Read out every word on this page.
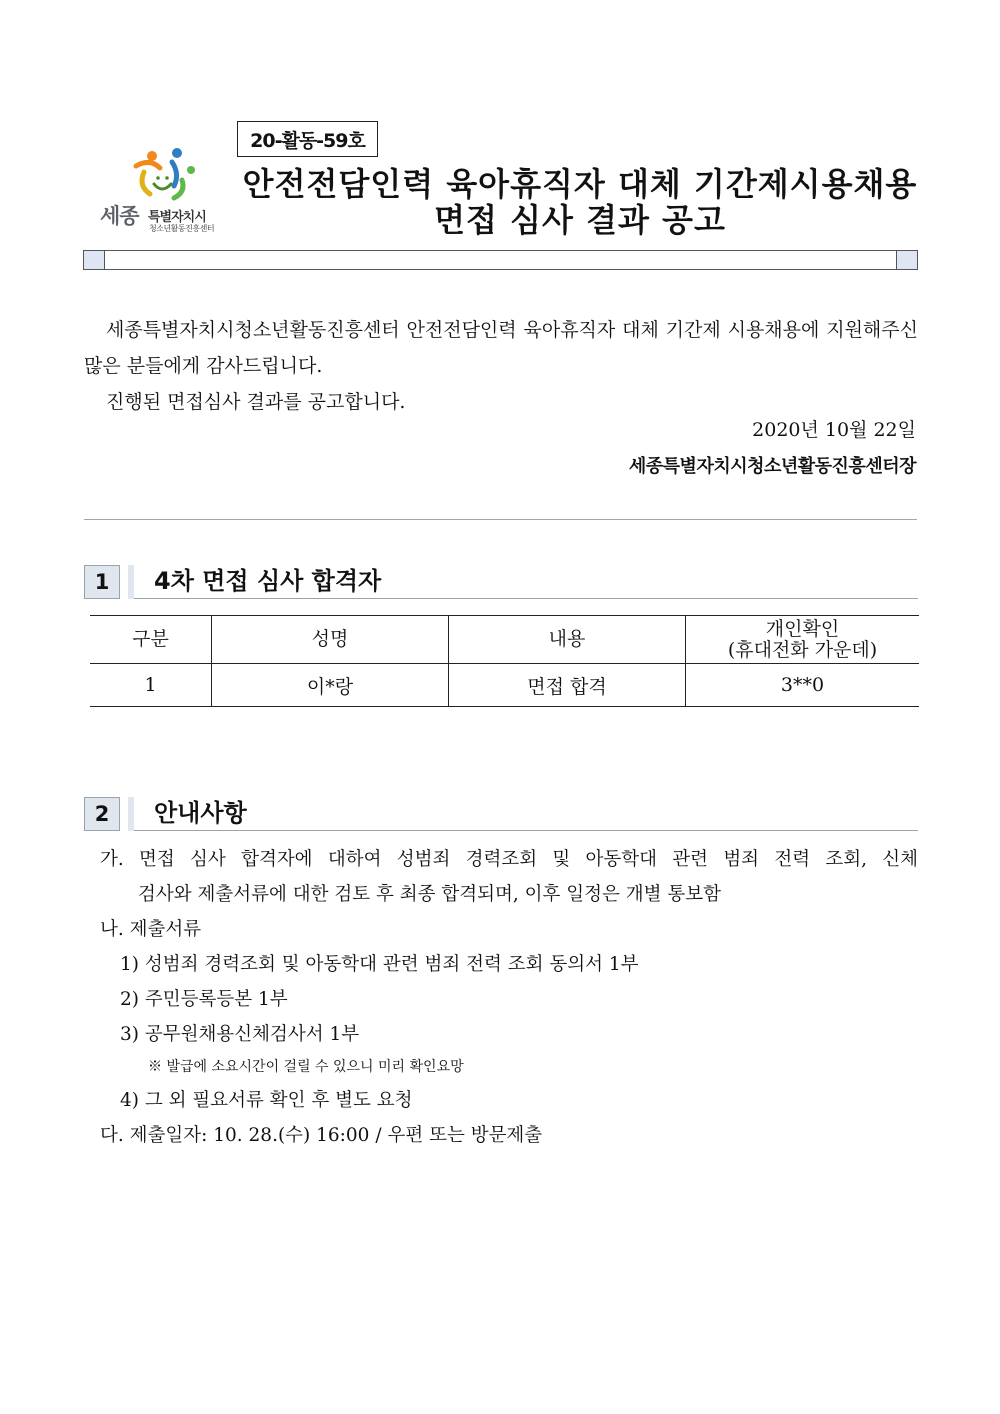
20-활동-59호
세종 특별자치시
청소년활동진흥센터
안전전담인력 육아휴직자 대체 기간제시용채용
면접 심사 결과 공고
세종특별자치시청소년활동진흥센터 안전전담인력 육아휴직자 대체 기간제 시용채용에 지원해주신 많은 분들에게 감사드립니다.
진행된 면접심사 결과를 공고합니다.
2020년 10월 22일
세종특별자치시청소년활동진흥센터장
1	4차 면접 심사 합격자
구분	성명	내용	개인확인
(휴대전화 가운데)

1	이*랑	면접 합격	3**0
2	안내사항
가. 면접 심사 합격자에 대하여 성범죄 경력조회 및 아동학대 관련 범죄 전력 조회, 신체
검사와 제출서류에 대한 검토 후 최종 합격되며, 이후 일정은 개별 통보함
나. 제출서류
1) 성범죄 경력조회 및 아동학대 관련 범죄 전력 조회 동의서 1부
2) 주민등록등본 1부
3) 공무원채용신체검사서 1부
※ 발급에 소요시간이 걸릴 수 있으니 미리 확인요망
4) 그 외 필요서류 확인 후 별도 요청
다. 제출일자: 10. 28.(수) 16:00 / 우편 또는 방문제출
